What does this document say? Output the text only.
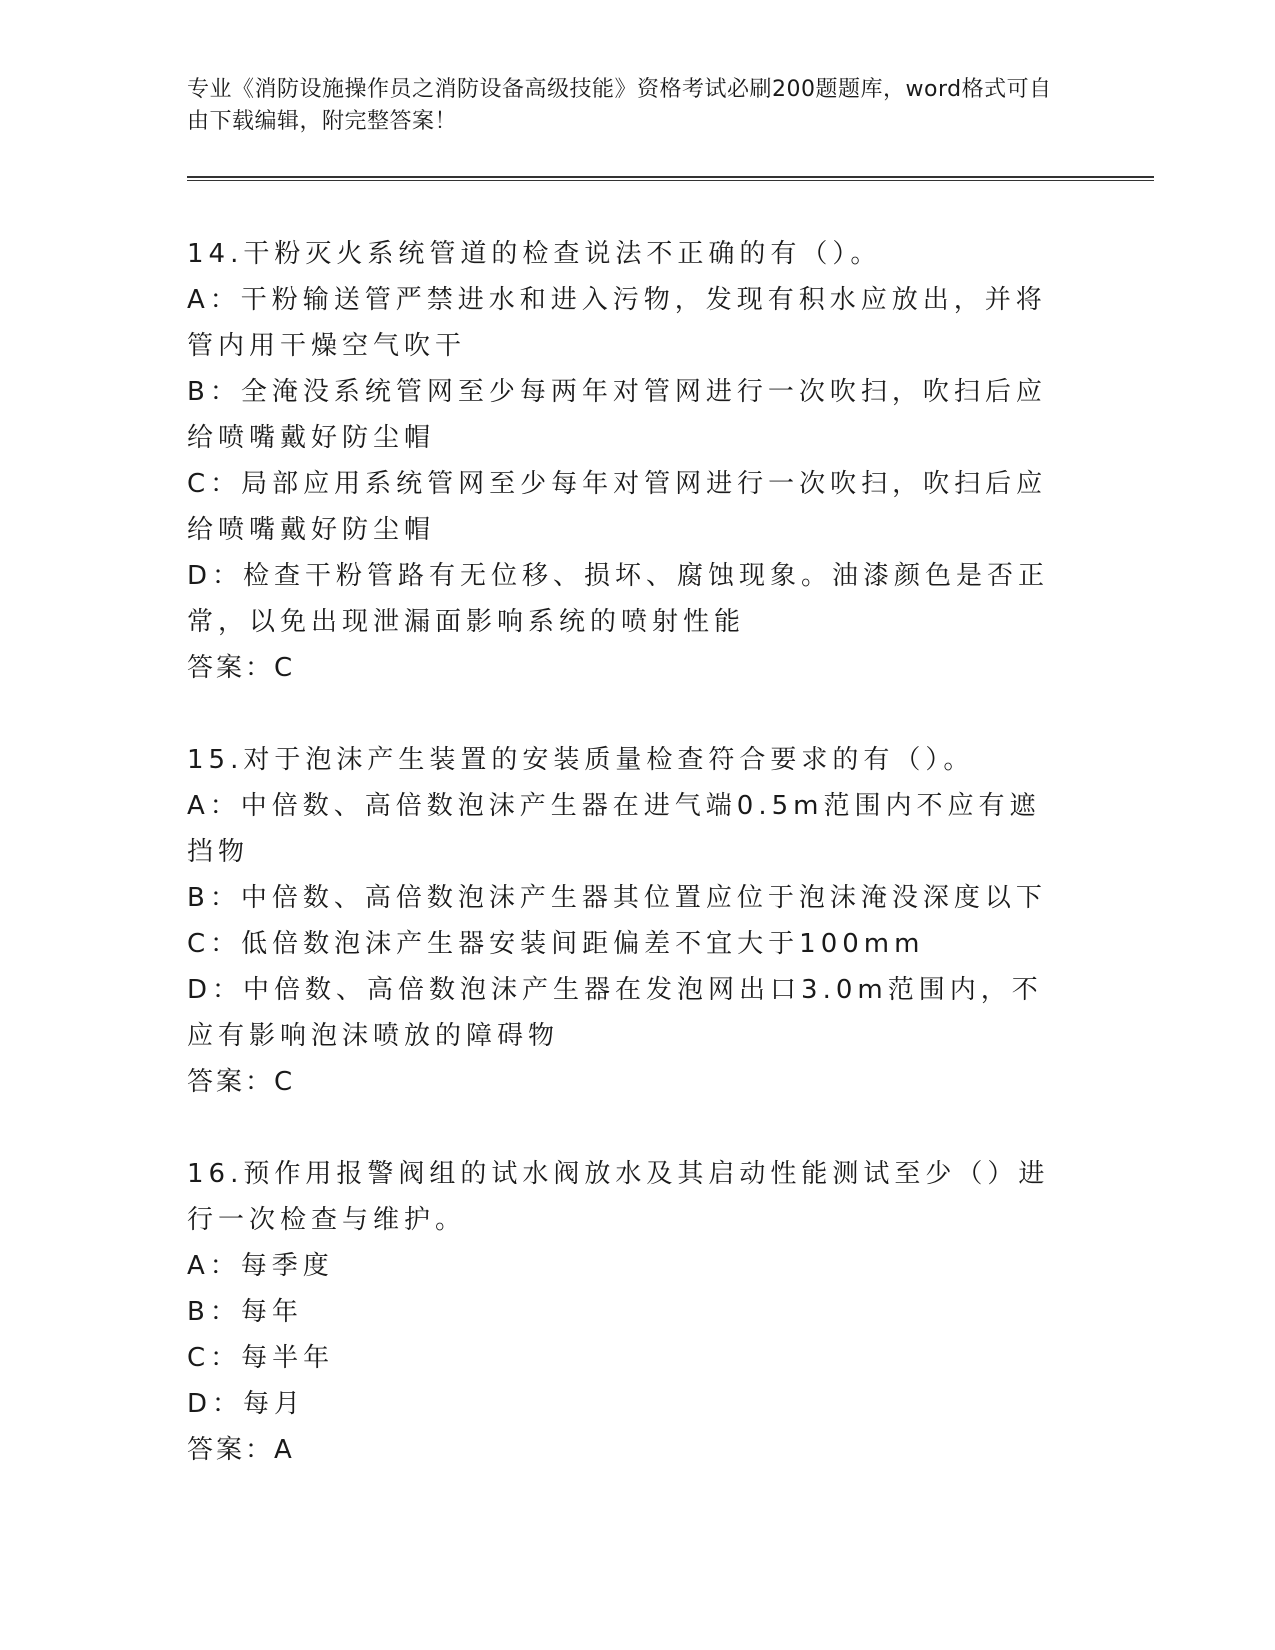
专业《消防设施操作员之消防设备高级技能》资格考试必刷200题题库，word格式可自由下载编辑，附完整答案！
14.干粉灭火系统管道的检查说法不正确的有（）。
A：干粉输送管严禁进水和进入污物，发现有积水应放出，并将管内用干燥空气吹干
B：全淹没系统管网至少每两年对管网进行一次吹扫，吹扫后应给喷嘴戴好防尘帽
C：局部应用系统管网至少每年对管网进行一次吹扫，吹扫后应给喷嘴戴好防尘帽
D：检查干粉管路有无位移、损坏、腐蚀现象。油漆颜色是否正常，以免出现泄漏面影响系统的喷射性能
答案：C
15.对于泡沫产生装置的安装质量检查符合要求的有（）。
A：中倍数、高倍数泡沫产生器在进气端0.5m范围内不应有遮挡物
B：中倍数、高倍数泡沫产生器其位置应位于泡沫淹没深度以下
C：低倍数泡沫产生器安装间距偏差不宜大于100mm
D：中倍数、高倍数泡沫产生器在发泡网出口3.0m范围内，不应有影响泡沫喷放的障碍物
答案：C
16.预作用报警阀组的试水阀放水及其启动性能测试至少（）进行一次检查与维护。
A：每季度
B：每年
C：每半年
D：每月
答案：A
